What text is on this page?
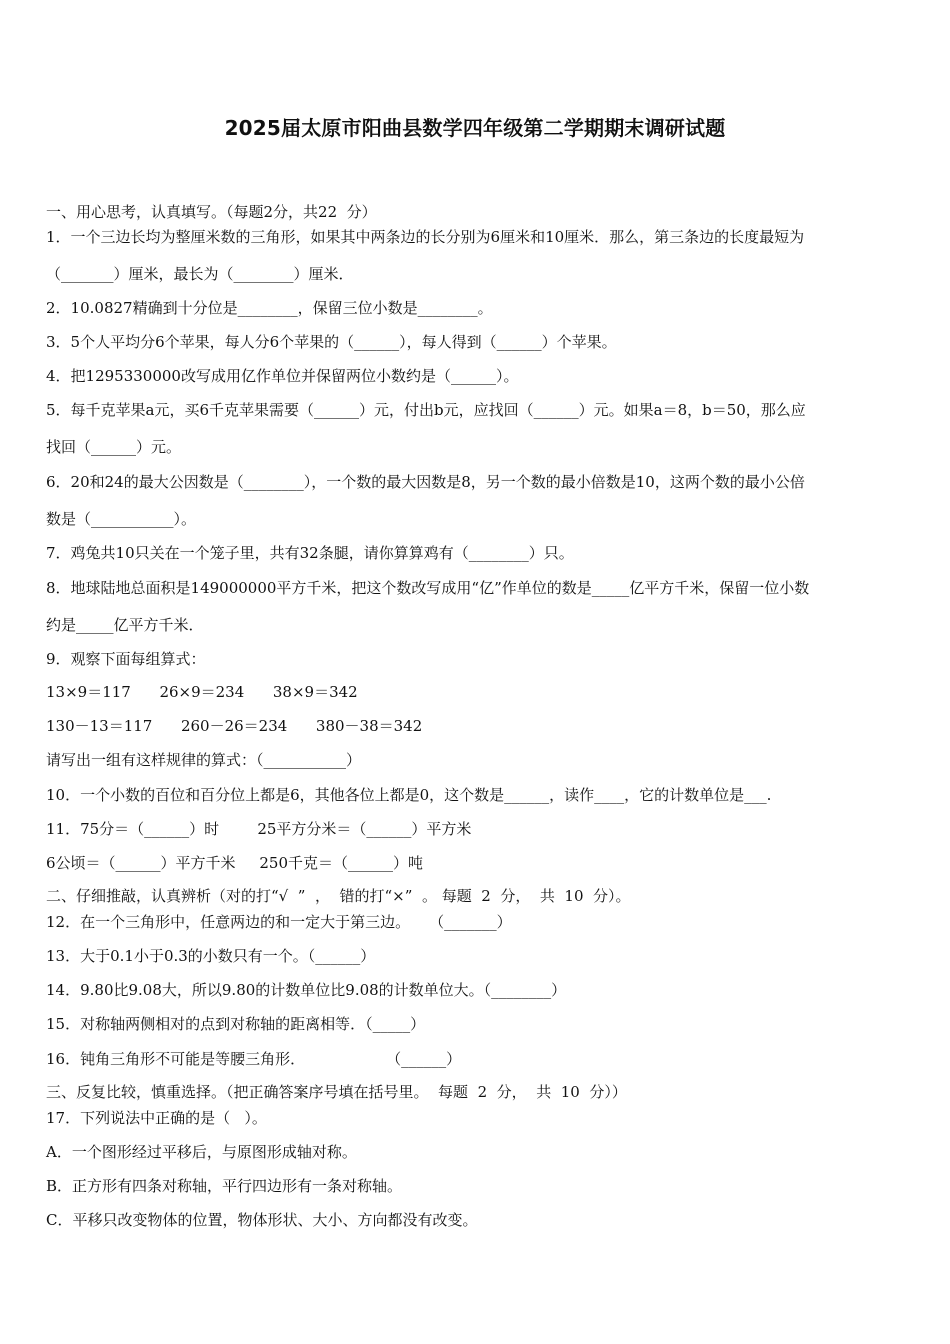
2025届太原市阳曲县数学四年级第二学期期末调研试题
一、用心思考，认真填写。（每题2分，共22  分）
1．一个三边长均为整厘米数的三角形，如果其中两条边的长分别为6厘米和10厘米．那么，第三条边的长度最短为
（_______）厘米，最长为（________）厘米．
2．10.0827精确到十分位是________，保留三位小数是________。
3．5个人平均分6个苹果，每人分6个苹果的（______），每人得到（______）个苹果。
4．把1295330000改写成用亿作单位并保留两位小数约是（______）。
5．每千克苹果a元，买6千克苹果需要（______）元，付出b元，应找回（______）元。如果a＝8，b＝50，那么应
找回（______）元。
6．20和24的最大公因数是（________），一个数的最大因数是8，另一个数的最小倍数是10，这两个数的最小公倍
数是（___________）。
7．鸡兔共10只关在一个笼子里，共有32条腿，请你算算鸡有（________）只。
8．地球陆地总面积是149000000平方千米，把这个数改写成用“亿”作单位的数是_____亿平方千米，保留一位小数
约是_____亿平方千米．
9．观察下面每组算式：
13×9＝117      26×9＝234      38×9＝342
130－13＝117      260－26＝234      380－38＝342
请写出一组有这样规律的算式：（___________）
10．一个小数的百位和百分位上都是6，其他各位上都是0，这个数是______，读作____，它的计数单位是___.
11．75分＝（______）时        25平方分米＝（______）平方米
6公顷＝（______）平方千米     250千克＝（______）吨
二、仔细推敲，认真辨析（对的打“√  ”  ，  错的打“×”  。 每题  2  分，  共  10  分）。
12．在一个三角形中，任意两边的和一定大于第三边。    （_______）
13．大于0.1小于0.3的小数只有一个。（______）
14．9.80比9.08大，所以9.80的计数单位比9.08的计数单位大。（________）
15．对称轴两侧相对的点到对称轴的距离相等．（_____）
16．钝角三角形不可能是等腰三角形．                 （______）
三、反复比较，慎重选择。（把正确答案序号填在括号里。  每题  2  分，  共  10  分））
17．下列说法中正确的是（   ）。
A．一个图形经过平移后，与原图形成轴对称。
B．正方形有四条对称轴，平行四边形有一条对称轴。
C．平移只改变物体的位置，物体形状、大小、方向都没有改变。
